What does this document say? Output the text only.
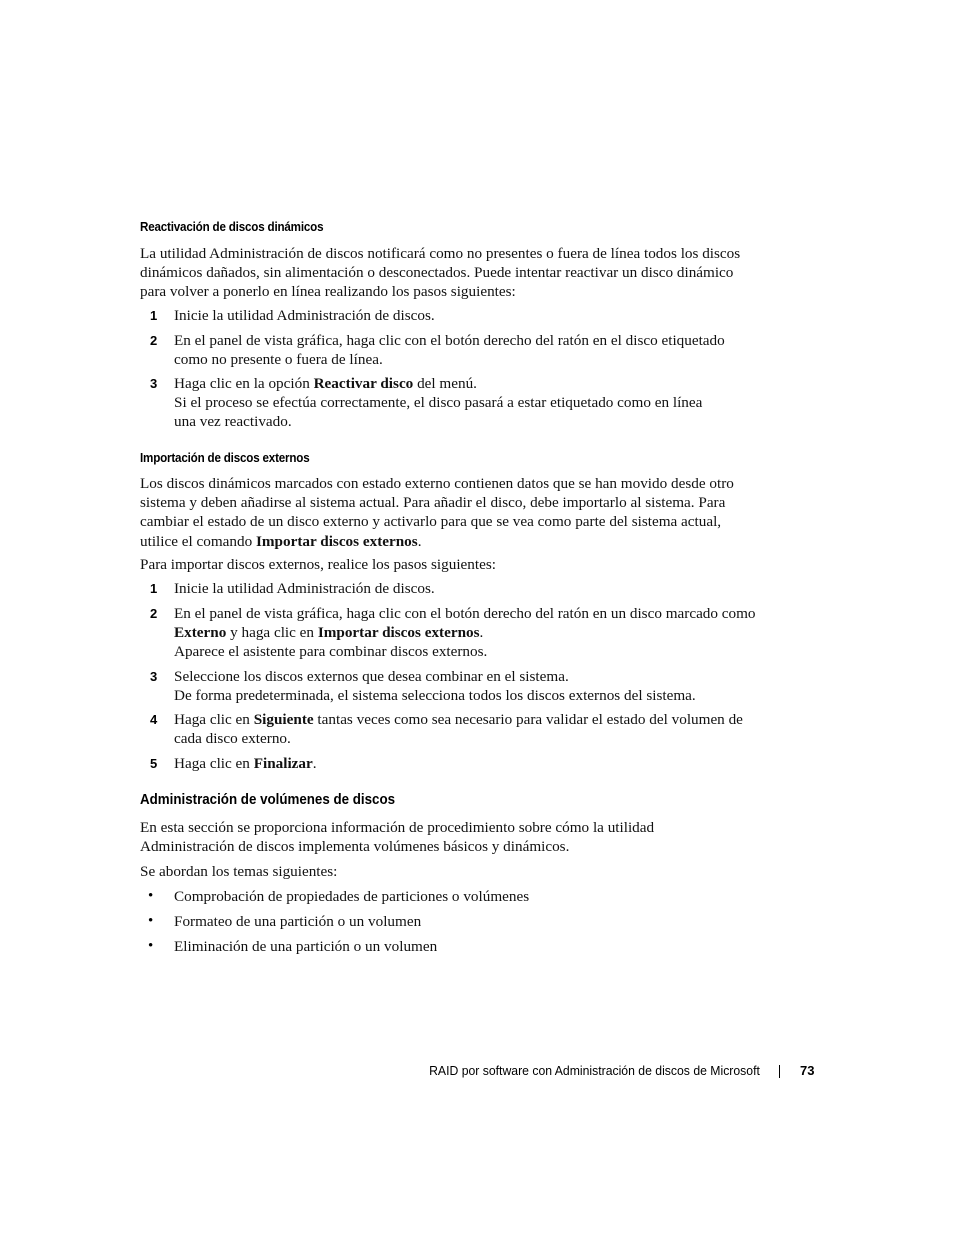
Reactivación de discos dinámicos

La utilidad Administración de discos notificará como no presentes o fuera de línea todos los discos dinámicos dañados, sin alimentación o desconectados. Puede intentar reactivar un disco dinámico para volver a ponerlo en línea realizando los pasos siguientes:

1 Inicie la utilidad Administración de discos.
2 En el panel de vista gráfica, haga clic con el botón derecho del ratón en el disco etiquetado como no presente o fuera de línea.
3 Haga clic en la opción Reactivar disco del menú.
Si el proceso se efectúa correctamente, el disco pasará a estar etiquetado como en línea una vez reactivado.
Importación de discos externos

Los discos dinámicos marcados con estado externo contienen datos que se han movido desde otro sistema y deben añadirse al sistema actual. Para añadir el disco, debe importarlo al sistema. Para cambiar el estado de un disco externo y activarlo para que se vea como parte del sistema actual, utilice el comando Importar discos externos.

Para importar discos externos, realice los pasos siguientes:

1 Inicie la utilidad Administración de discos.
2 En el panel de vista gráfica, haga clic con el botón derecho del ratón en un disco marcado como Externo y haga clic en Importar discos externos.
Aparece el asistente para combinar discos externos.
3 Seleccione los discos externos que desea combinar en el sistema.
De forma predeterminada, el sistema selecciona todos los discos externos del sistema.
4 Haga clic en Siguiente tantas veces como sea necesario para validar el estado del volumen de cada disco externo.
5 Haga clic en Finalizar.
Administración de volúmenes de discos

En esta sección se proporciona información de procedimiento sobre cómo la utilidad Administración de discos implementa volúmenes básicos y dinámicos.

Se abordan los temas siguientes:

• Comprobación de propiedades de particiones o volúmenes
• Formateo de una partición o un volumen
• Eliminación de una partición o un volumen
RAID por software con Administración de discos de Microsoft	73
